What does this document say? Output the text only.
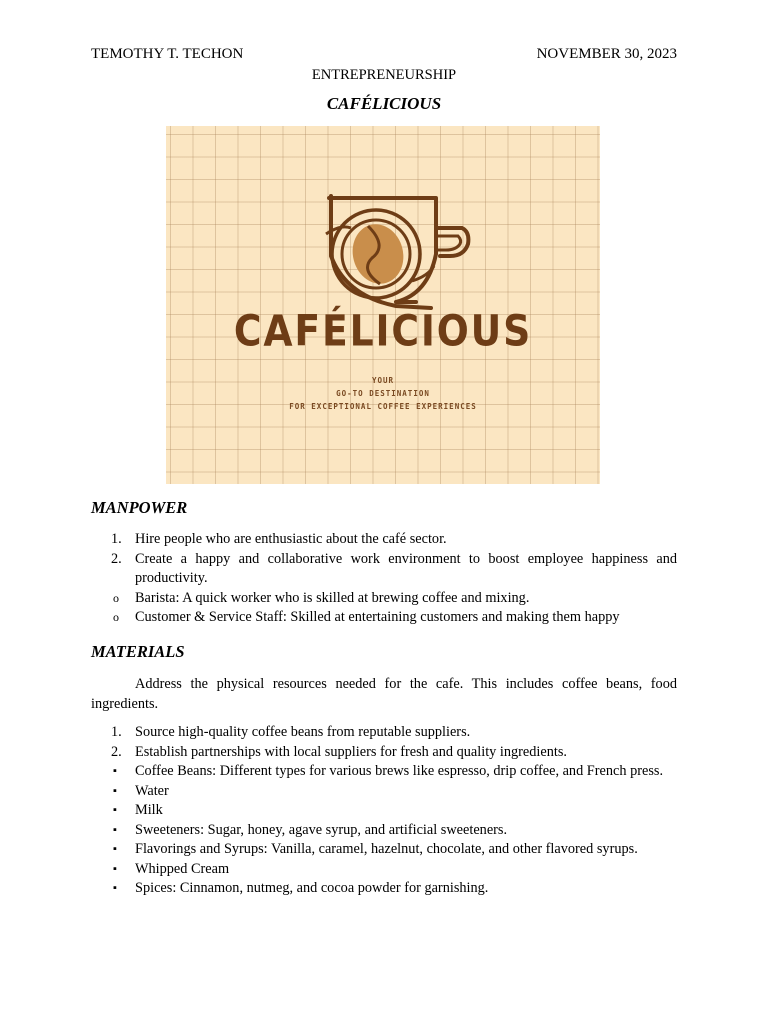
TEMOTHY T. TECHON	NOVEMBER 30, 2023
ENTREPRENEURSHIP
CAFÉLICIOUS
CAFÉLICIOUS
YOUR
GO-TO DESTINATION
FOR EXCEPTIONAL COFFEE EXPERIENCES
MANPOWER
1. Hire people who are enthusiastic about the café sector.
2. Create a happy and collaborative work environment to boost employee happiness and productivity.
o Barista: A quick worker who is skilled at brewing coffee and mixing.
o Customer & Service Staff: Skilled at entertaining customers and making them happy
MATERIALS

Address the physical resources needed for the cafe. This includes coffee beans, food ingredients.

1. Source high-quality coffee beans from reputable suppliers.
2. Establish partnerships with local suppliers for fresh and quality ingredients.
▪ Coffee Beans: Different types for various brews like espresso, drip coffee, and French press.
▪ Water
▪ Milk
▪ Sweeteners: Sugar, honey, agave syrup, and artificial sweeteners.
▪ Flavorings and Syrups: Vanilla, caramel, hazelnut, chocolate, and other flavored syrups.
▪ Whipped Cream
▪ Spices: Cinnamon, nutmeg, and cocoa powder for garnishing.
